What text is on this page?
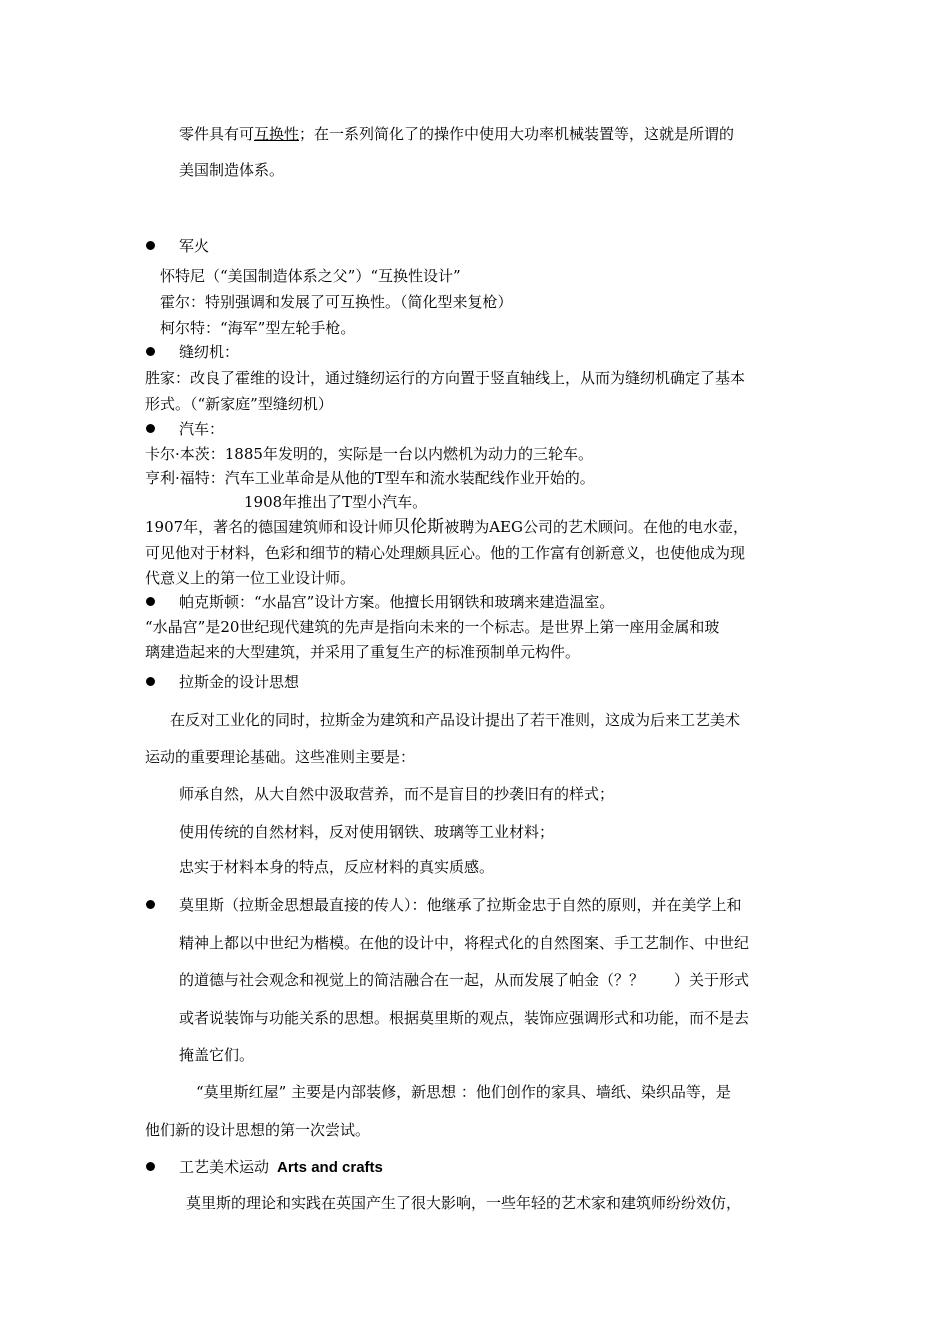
零件具有可互换性；在一系列简化了的操作中使用大功率机械装置等，这就是所谓的
美国制造体系。
军火
怀特尼（“美国制造体系之父”）“互换性设计”
霍尔：特别强调和发展了可互换性。（简化型来复枪）
柯尔特：“海军”型左轮手枪。
缝纫机：
胜家：改良了霍维的设计，通过缝纫运行的方向置于竖直轴线上，从而为缝纫机确定了基本
形式。（“新家庭”型缝纫机）
汽车：
卡尔·本茨：1885年发明的，实际是一台以内燃机为动力的三轮车。
亨利·福特：汽车工业革命是从他的T型车和流水装配线作业开始的。
1908年推出了T型小汽车。
1907年，著名的德国建筑师和设计师贝伦斯被聘为AEG公司的艺术顾问。在他的电水壶，
可见他对于材料，色彩和细节的精心处理颇具匠心。他的工作富有创新意义，也使他成为现
代意义上的第一位工业设计师。
帕克斯顿：“水晶宫”设计方案。他擅长用钢铁和玻璃来建造温室。
“水晶宫”是20世纪现代建筑的先声是指向未来的一个标志。是世界上第一座用金属和玻
璃建造起来的大型建筑，并采用了重复生产的标准预制单元构件。
拉斯金的设计思想
在反对工业化的同时，拉斯金为建筑和产品设计提出了若干准则，这成为后来工艺美术
运动的重要理论基础。这些准则主要是：
师承自然，从大自然中汲取营养，而不是盲目的抄袭旧有的样式；
使用传统的自然材料，反对使用钢铁、玻璃等工业材料；
忠实于材料本身的特点，反应材料的真实质感。
莫里斯（拉斯金思想最直接的传人）：他继承了拉斯金忠于自然的原则，并在美学上和
精神上都以中世纪为楷模。在他的设计中，将程式化的自然图案、手工艺制作、中世纪
的道德与社会观念和视觉上的简洁融合在一起，从而发展了帕金（？？　　）关于形式
或者说装饰与功能关系的思想。根据莫里斯的观点，装饰应强调形式和功能，而不是去
掩盖它们。
“莫里斯红屋” 主要是内部装修，新思想 ：他们创作的家具、墙纸、染织品等，是
他们新的设计思想的第一次尝试。
工艺美术运动 Arts and crafts
莫里斯的理论和实践在英国产生了很大影响，一些年轻的艺术家和建筑师纷纷效仿，
